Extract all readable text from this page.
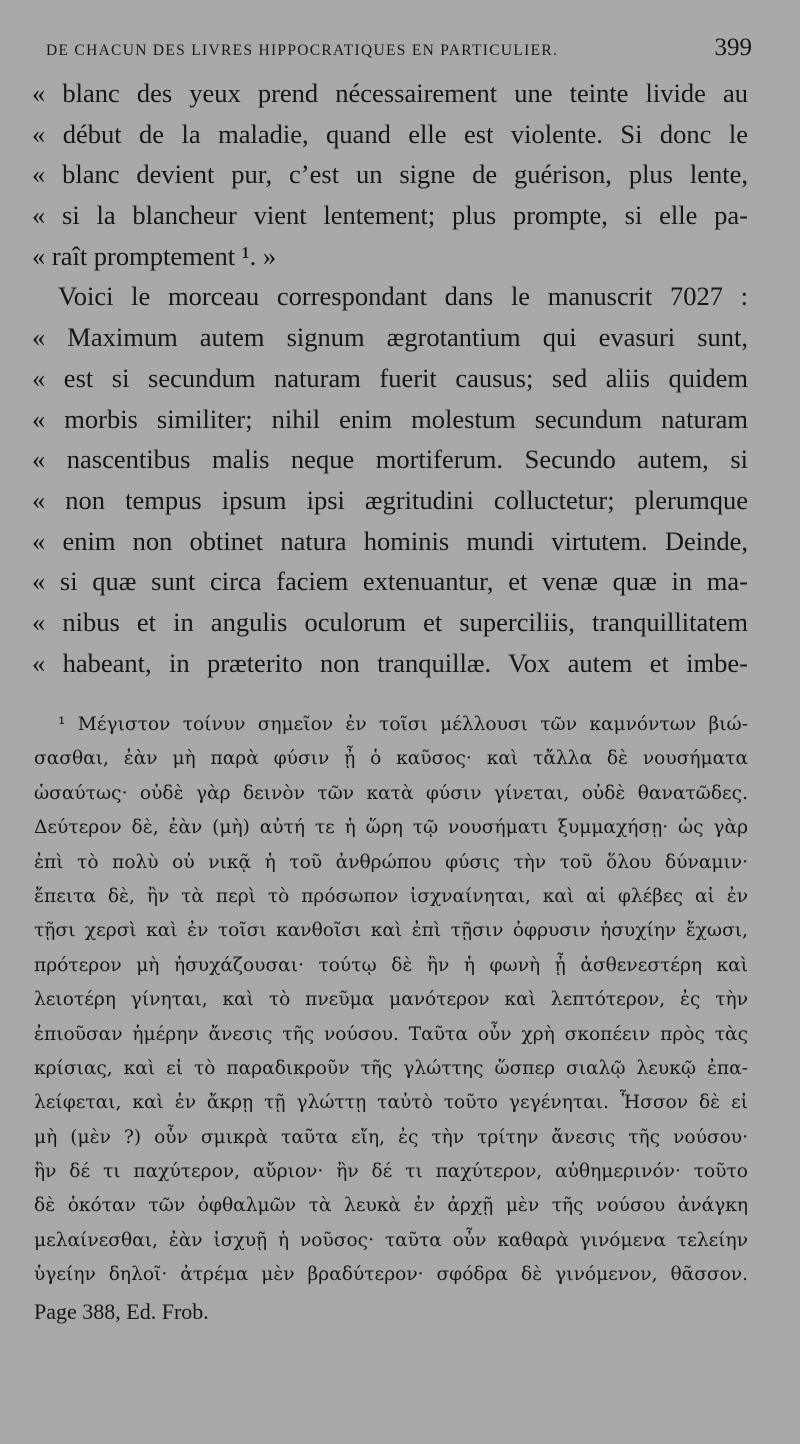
DE CHACUN DES LIVRES HIPPOCRATIQUES EN PARTICULIER.	399
« blanc des yeux prend nécessairement une teinte livide au
« début de la maladie, quand elle est violente. Si donc le
« blanc devient pur, c’est un signe de guérison, plus lente,
« si la blancheur vient lentement; plus prompte, si elle pa-
« raît promptement ¹. »
Voici le morceau correspondant dans le manuscrit 7027 :
« Maximum autem signum ægrotantium qui evasuri sunt,
« est si secundum naturam fuerit causus; sed aliis quidem
« morbis similiter; nihil enim molestum secundum naturam
« nascentibus malis neque mortiferum. Secundo autem, si
« non tempus ipsum ipsi ægritudini colluctetur; plerumque
« enim non obtinet natura hominis mundi virtutem. Deinde,
« si quæ sunt circa faciem extenuantur, et venæ quæ in ma-
« nibus et in angulis oculorum et superciliis, tranquillitatem
« habeant, in præterito non tranquillæ. Vox autem et imbe-
¹ Μέγιστον τοίνυν σημεῖον ἐν τοῖσι μέλλουσι τῶν καμνόντων βιώ-
σασθαι, ἐὰν μὴ παρὰ φύσιν ᾖ ὁ καῦσος· καὶ τἄλλα δὲ νουσήματα
ὡσαύτως· οὐδὲ γὰρ δεινὸν τῶν κατὰ φύσιν γίνεται, οὐδὲ θανατῶδες.
Δεύτερον δὲ, ἐὰν (μὴ) αὐτή τε ἡ ὥρη τῷ νουσήματι ξυμμαχήσῃ· ὡς γὰρ
ἐπὶ τὸ πολὺ οὐ νικᾷ ἡ τοῦ ἀνθρώπου φύσις τὴν τοῦ ὅλου δύναμιν·
ἔπειτα δὲ, ἢν τὰ περὶ τὸ πρόσωπον ἰσχναίνηται, καὶ αἱ φλέβες αἱ ἐν
τῇσι χερσὶ καὶ ἐν τοῖσι κανθοῖσι καὶ ἐπὶ τῇσιν ὀφρυσιν ἡσυχίην ἔχωσι,
πρότερον μὴ ἡσυχάζουσαι· τούτῳ δὲ ἢν ἡ φωνὴ ᾖ ἀσθενεστέρη καὶ
λειοτέρη γίνηται, καὶ τὸ πνεῦμα μανότερον καὶ λεπτότερον, ἐς τὴν
ἐπιοῦσαν ἡμέρην ἄνεσις τῆς νούσου. Ταῦτα οὖν χρὴ σκοπέειν πρὸς τὰς
κρίσιας, καὶ εἰ τὸ παραδικροῦν τῆς γλώττης ὥσπερ σιαλῷ λευκῷ ἐπα-
λείφεται, καὶ ἐν ἄκρῃ τῇ γλώττῃ ταὐτὸ τοῦτο γεγένηται. Ἧσσον δὲ εἰ
μὴ (μὲν ?) οὖν σμικρὰ ταῦτα εἴη, ἐς τὴν τρίτην ἄνεσις τῆς νούσου·
ἢν δέ τι παχύτερον, αὔριον· ἢν δέ τι παχύτερον, αὐθημερινόν· τοῦτο
δὲ ὁκόταν τῶν ὀφθαλμῶν τὰ λευκὰ ἐν ἀρχῇ μὲν τῆς νούσου ἀνάγκη
μελαίνεσθαι, ἐὰν ἰσχυῇ ἡ νοῦσος· ταῦτα οὖν καθαρὰ γινόμενα τελείην
ὑγείην δηλοῖ· ἀτρέμα μὲν βραδύτερον· σφόδρα δὲ γινόμενον, θᾶσσον.
Page 388, Ed. Frob.
